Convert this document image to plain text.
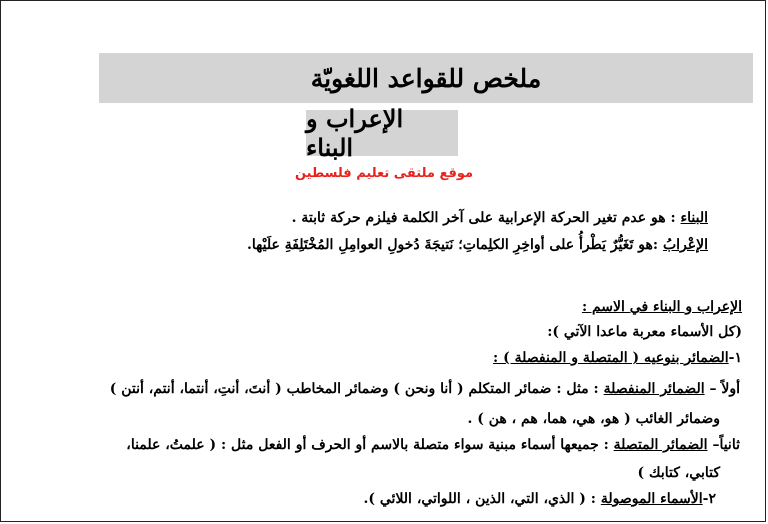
ملخص للقواعد اللغويّة
الإعراب و البناء
موقع ملتقى تعليم فلسطين
البناء : هو عدم تغير الحركة الإعرابية على آخر الكلمة فيلزم حركة ثابتة .
الإعْرابُ :هو تَغَيُّرٌ يَطْرأُ على أواخِرِ الكلِماتِ؛ نَتيجَةَ دُخولِ العوامِلِ المُخْتَلِفَةِ علَيْها.
الإعراب و البناء في الاسم :
(كل الأسماء معربة ماعدا الآتي ):
١-الضمائر بنوعيه ( المتصلة و المنفصلة ) :
أولاً – الضمائر المنفصلة : مثل : ضمائر المتكلم ( أنا ونحن ) وضمائر المخاطب ( أنتَ، أنتِ، أنتما، أنتم، أنتن )
وضمائر الغائب ( هو، هي، هما، هم ، هن ) .
ثانياً– الضمائر المتصلة : جميعها أسماء مبنية سواء متصلة بالاسم أو الحرف أو الفعل مثل : ( علمتُ، علمنا،
كتابي، كتابك )
٢-الأسماء الموصولة : ( الذي، التي، الذين ، اللواتي، اللائي ).
